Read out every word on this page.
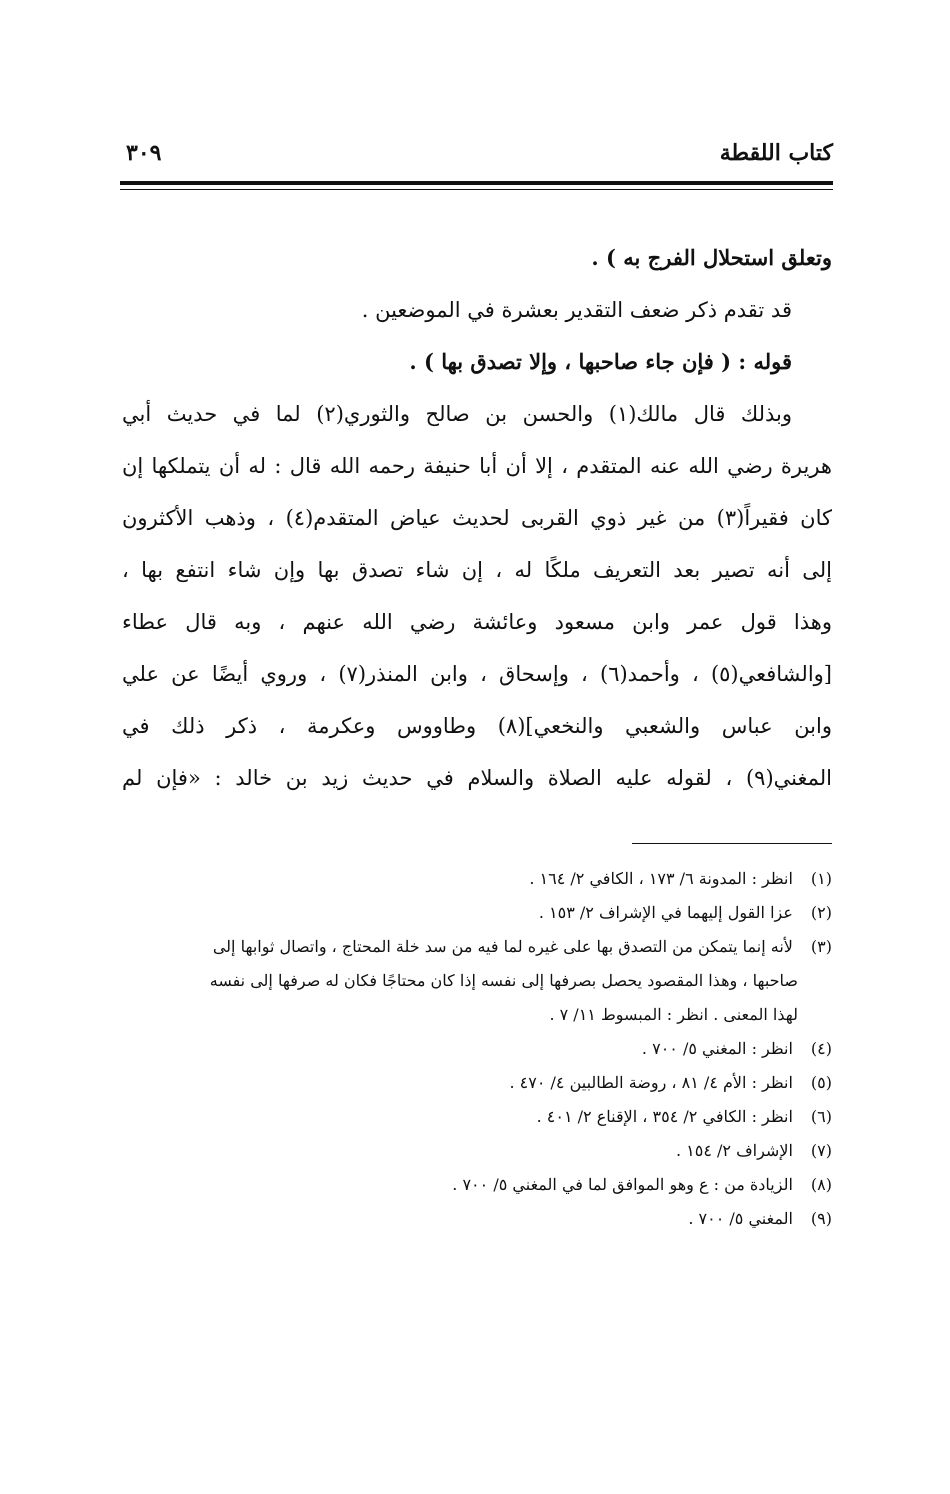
كتاب اللقطة
٣٠٩
وتعلق استحلال الفرج به ) .
قد تقدم ذكر ضعف التقدير بعشرة في الموضعين .
قوله : ( فإن جاء صاحبها ، وإلا تصدق بها ) .
وبذلك قال مالك(١) والحسن بن صالح والثوري(٢) لما في حديث أبي
هريرة رضي الله عنه المتقدم ، إلا أن أبا حنيفة رحمه الله قال : له أن يتملكها إن
كان فقيراً(٣) من غير ذوي القربى لحديث عياض المتقدم(٤) ، وذهب الأكثرون
إلى أنه تصير بعد التعريف ملكًا له ، إن شاء تصدق بها وإن شاء انتفع بها ،
وهذا قول عمر وابن مسعود وعائشة رضي الله عنهم ، وبه قال عطاء
[والشافعي(٥) ، وأحمد(٦) ، وإسحاق ، وابن المنذر(٧) ، وروي أيضًا عن علي
وابن عباس والشعبي والنخعي](٨) وطاووس وعكرمة ، ذكر ذلك في
المغني(٩) ، لقوله عليه الصلاة والسلام في حديث زيد بن خالد : «فإن لم
(١) انظر : المدونة ٦/ ١٧٣ ، الكافي ٢/ ١٦٤ .
(٢) عزا القول إليهما في الإشراف ٢/ ١٥٣ .
(٣) لأنه إنما يتمكن من التصدق بها على غيره لما فيه من سد خلة المحتاج ، واتصال ثوابها إلى
صاحبها ، وهذا المقصود يحصل بصرفها إلى نفسه إذا كان محتاجًا فكان له صرفها إلى نفسه
لهذا المعنى . انظر : المبسوط ١١/ ٧ .
(٤) انظر : المغني ٥/ ٧٠٠ .
(٥) انظر : الأم ٤/ ٨١ ، روضة الطالبين ٤/ ٤٧٠ .
(٦) انظر : الكافي ٢/ ٣٥٤ ، الإقناع ٢/ ٤٠١ .
(٧) الإشراف ٢/ ١٥٤ .
(٨) الزيادة من : ع وهو الموافق لما في المغني ٥/ ٧٠٠ .
(٩) المغني ٥/ ٧٠٠ .
